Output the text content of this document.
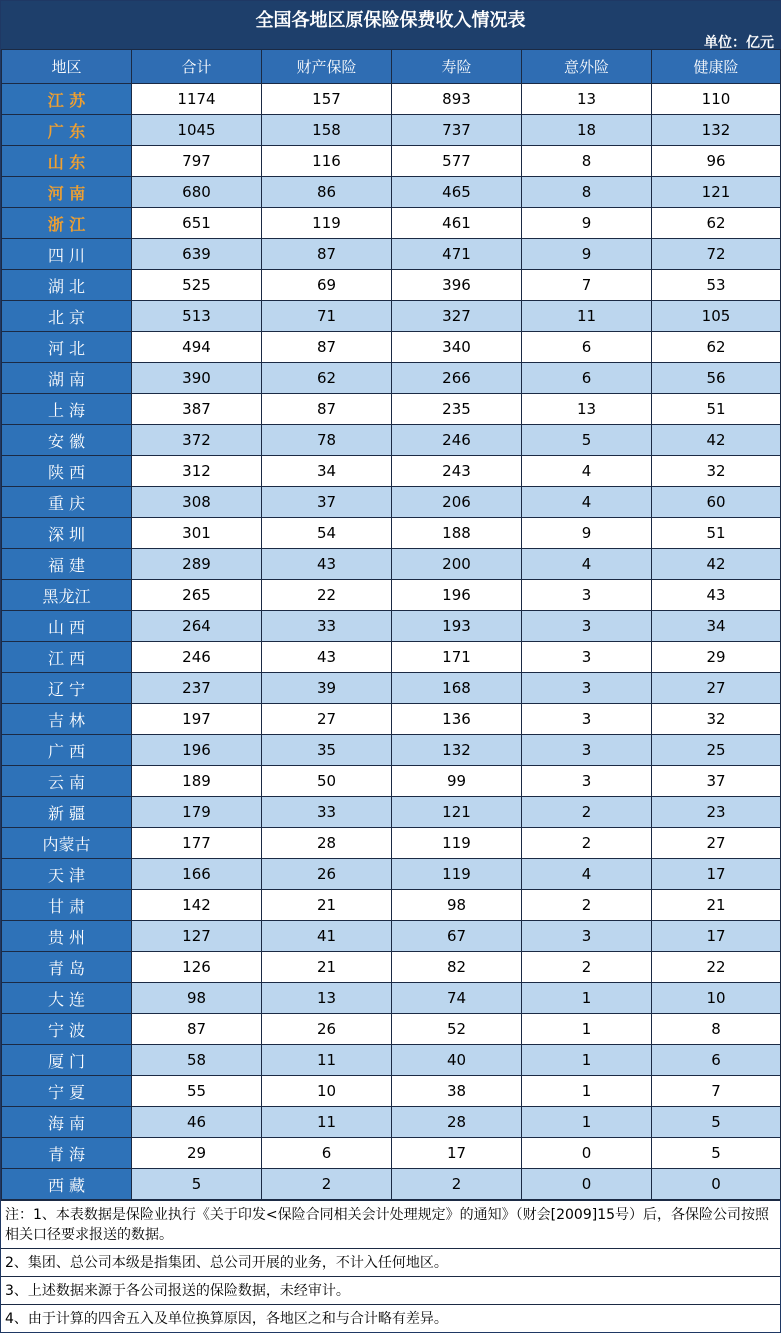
全国各地区原保险保费收入情况表
单位：亿元
地区	合计	财产保险	寿险	意外险	健康险
江 苏	1174	157	893	13	110
广 东	1045	158	737	18	132
山 东	797	116	577	8	96
河 南	680	86	465	8	121
浙 江	651	119	461	9	62
四 川	639	87	471	9	72
湖 北	525	69	396	7	53
北 京	513	71	327	11	105
河 北	494	87	340	6	62
湖 南	390	62	266	6	56
上 海	387	87	235	13	51
安 徽	372	78	246	5	42
陕 西	312	34	243	4	32
重 庆	308	37	206	4	60
深 圳	301	54	188	9	51
福 建	289	43	200	4	42
黑龙江	265	22	196	3	43
山 西	264	33	193	3	34
江 西	246	43	171	3	29
辽 宁	237	39	168	3	27
吉 林	197	27	136	3	32
广 西	196	35	132	3	25
云 南	189	50	99	3	37
新 疆	179	33	121	2	23
内蒙古	177	28	119	2	27
天 津	166	26	119	4	17
甘 肃	142	21	98	2	21
贵 州	127	41	67	3	17
青 岛	126	21	82	2	22
大 连	98	13	74	1	10
宁 波	87	26	52	1	8
厦 门	58	11	40	1	6
宁 夏	55	10	38	1	7
海 南	46	11	28	1	5
青 海	29	6	17	0	5
西 藏	5	2	2	0	0
注：1、本表数据是保险业执行《关于印发<保险合同相关会计处理规定》的通知》（财会[2009]15号）后，各保险公司按照相关口径要求报送的数据。
2、集团、总公司本级是指集团、总公司开展的业务，不计入任何地区。
3、上述数据来源于各公司报送的保险数据，未经审计。
4、由于计算的四舍五入及单位换算原因，各地区之和与合计略有差异。
